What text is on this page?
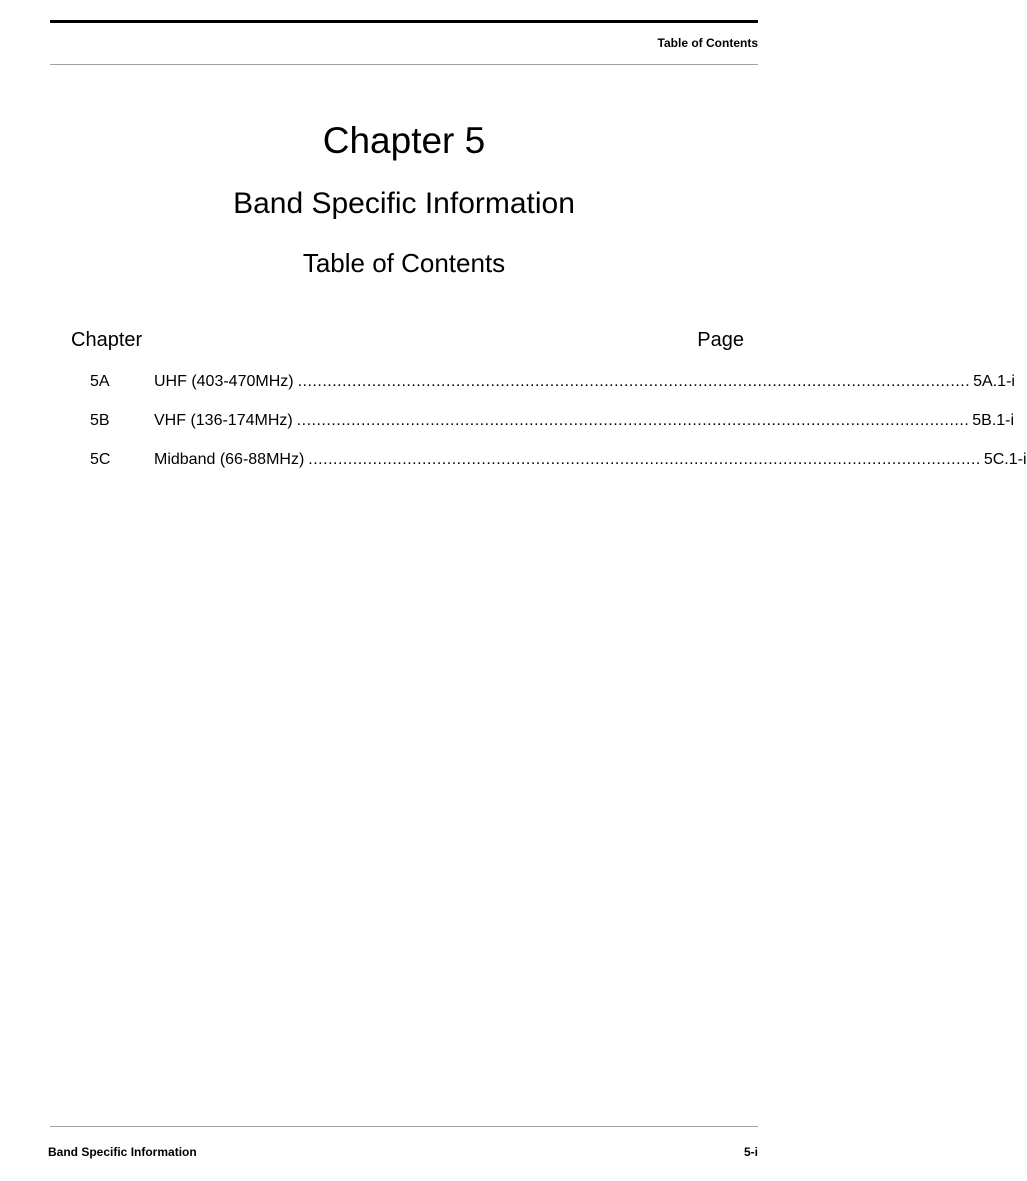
Table of Contents
Chapter 5
Band Specific Information
Table of Contents
Chapter	Page
5A	UHF (403-470MHz) ........................................................................................................................................ 5A.1-i
5B	VHF (136-174MHz) ........................................................................................................................................ 5B.1-i
5C	Midband (66-88MHz) ........................................................................................................................................ 5C.1-i
Band Specific Information	5-i
